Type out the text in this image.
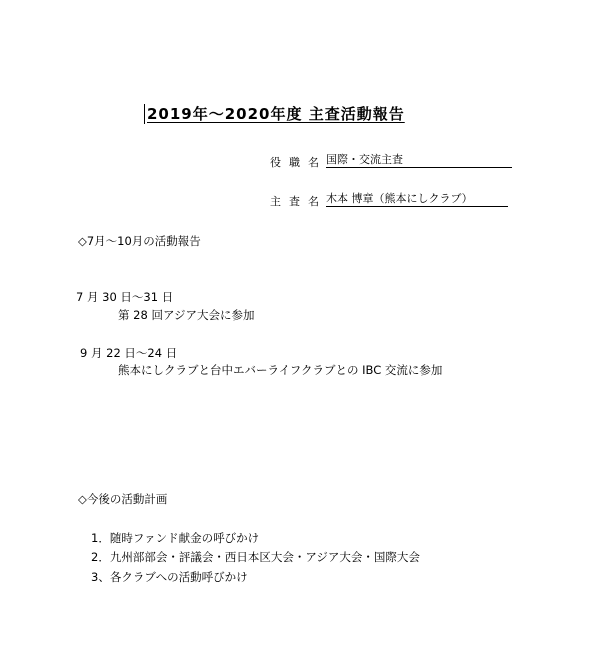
2019年～2020年度 主査活動報告
役職名 国際・交流主査
主査名 木本 博章（熊本にしクラブ）
◇7月～10月の活動報告
7 月 30 日～31 日
第 28 回アジア大会に参加
9 月 22 日～24 日
熊本にしクラブと台中エバーライフクラブとの IBC 交流に参加
◇今後の活動計画
1．随時ファンド献金の呼びかけ
2．九州部部会・評議会・西日本区大会・アジア大会・国際大会
3、各クラブへの活動呼びかけ
